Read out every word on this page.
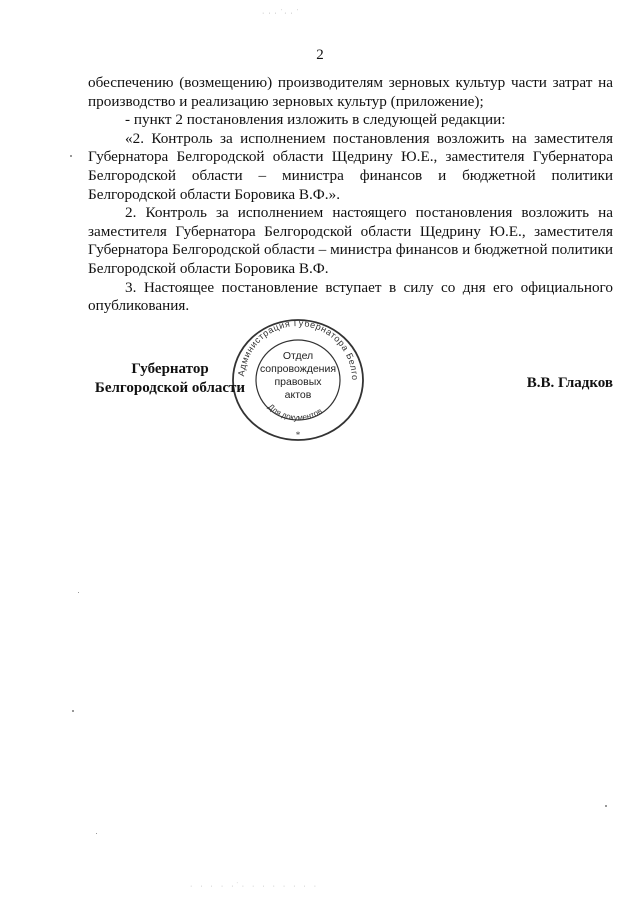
· · · ˙· · ˙
2

обеспечению (возмещению) производителям зерновых культур части затрат на производство и реализацию зерновых культур (приложение);

- пункт 2 постановления изложить в следующей редакции:

«2. Контроль за исполнением постановления возложить на заместителя Губернатора Белгородской области Щедрину Ю.Е., заместителя Губернатора Белгородской области – министра финансов и бюджетной политики Белгородской области Боровика В.Ф.».

2. Контроль за исполнением настоящего постановления возложить на заместителя Губернатора Белгородской области Щедрину Ю.Е., заместителя Губернатора Белгородской области – министра финансов и бюджетной политики Белгородской области Боровика В.Ф.

3. Настоящее постановление вступает в силу со дня его официального опубликования.

Администрация Губернатора Белго
Для документов
*
Отдел
сопровождения
правовых
актов
Губернатор
Белгородской области	В.В. Гладков
· · · · ·˙· · · · · · · ·
